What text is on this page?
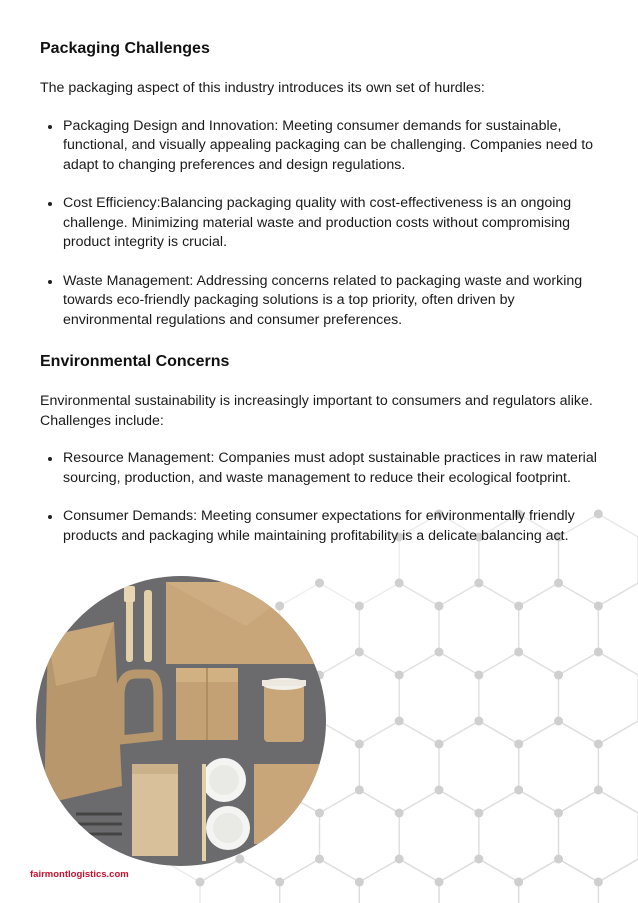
Packaging Challenges

The packaging aspect of this industry introduces its own set of hurdles:

Packaging Design and Innovation: Meeting consumer demands for sustainable, functional, and visually appealing packaging can be challenging. Companies need to adapt to changing preferences and design regulations.
Cost Efficiency:Balancing packaging quality with cost-effectiveness is an ongoing challenge. Minimizing material waste and production costs without compromising product integrity is crucial.
Waste Management: Addressing concerns related to packaging waste and working towards eco-friendly packaging solutions is a top priority, often driven by environmental regulations and consumer preferences.
Environmental Concerns

Environmental sustainability is increasingly important to consumers and regulators alike. Challenges include:

Resource Management: Companies must adopt sustainable practices in raw material sourcing, production, and waste management to reduce their ecological footprint.
Consumer Demands: Meeting consumer expectations for environmentally friendly products and packaging while maintaining profitability is a delicate balancing act.
fairmontlogistics.com
